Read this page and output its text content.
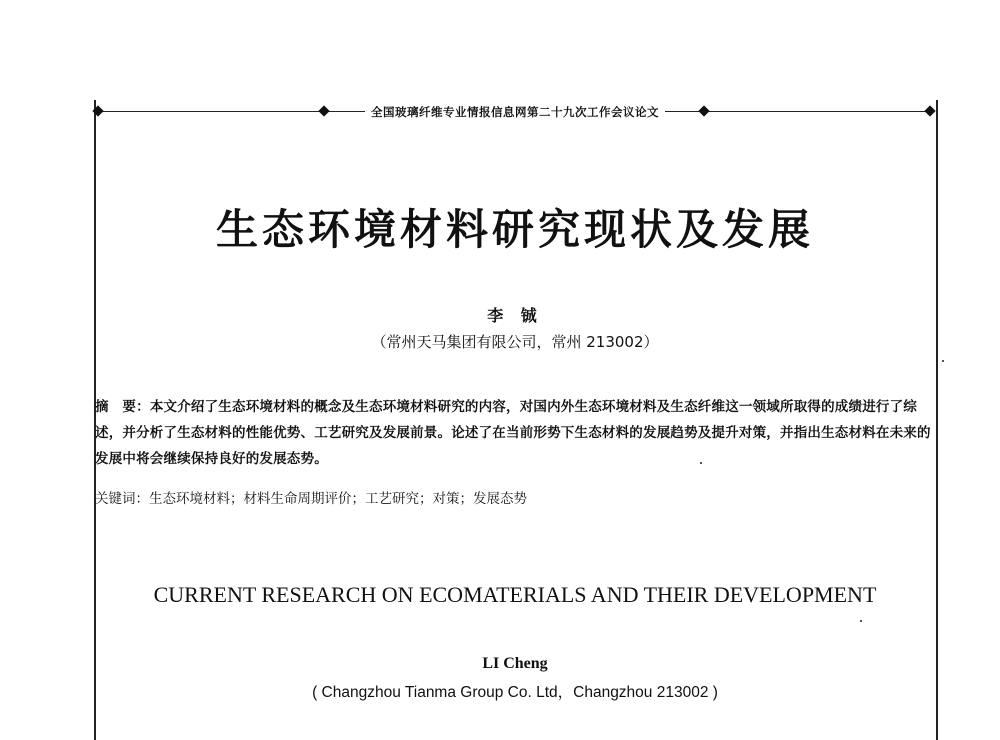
全国玻璃纤维专业情报信息网第二十九次工作会议论文
生态环境材料研究现状及发展
李 铖
（常州天马集团有限公司，常州 213002）
摘　要：本文介绍了生态环境材料的概念及生态环境材料研究的内容，对国内外生态环境材料及生态纤维这一领域所取得的成绩进行了综述，并分析了生态材料的性能优势、工艺研究及发展前景。论述了在当前形势下生态材料的发展趋势及提升对策，并指出生态材料在未来的发展中将会继续保持良好的发展态势。
关键词：生态环境材料；材料生命周期评价；工艺研究；对策；发展态势
CURRENT RESEARCH ON ECOMATERIALS AND THEIR DEVELOPMENT
LI Cheng
( Changzhou Tianma Group Co. Ltd，Changzhou 213002 )
